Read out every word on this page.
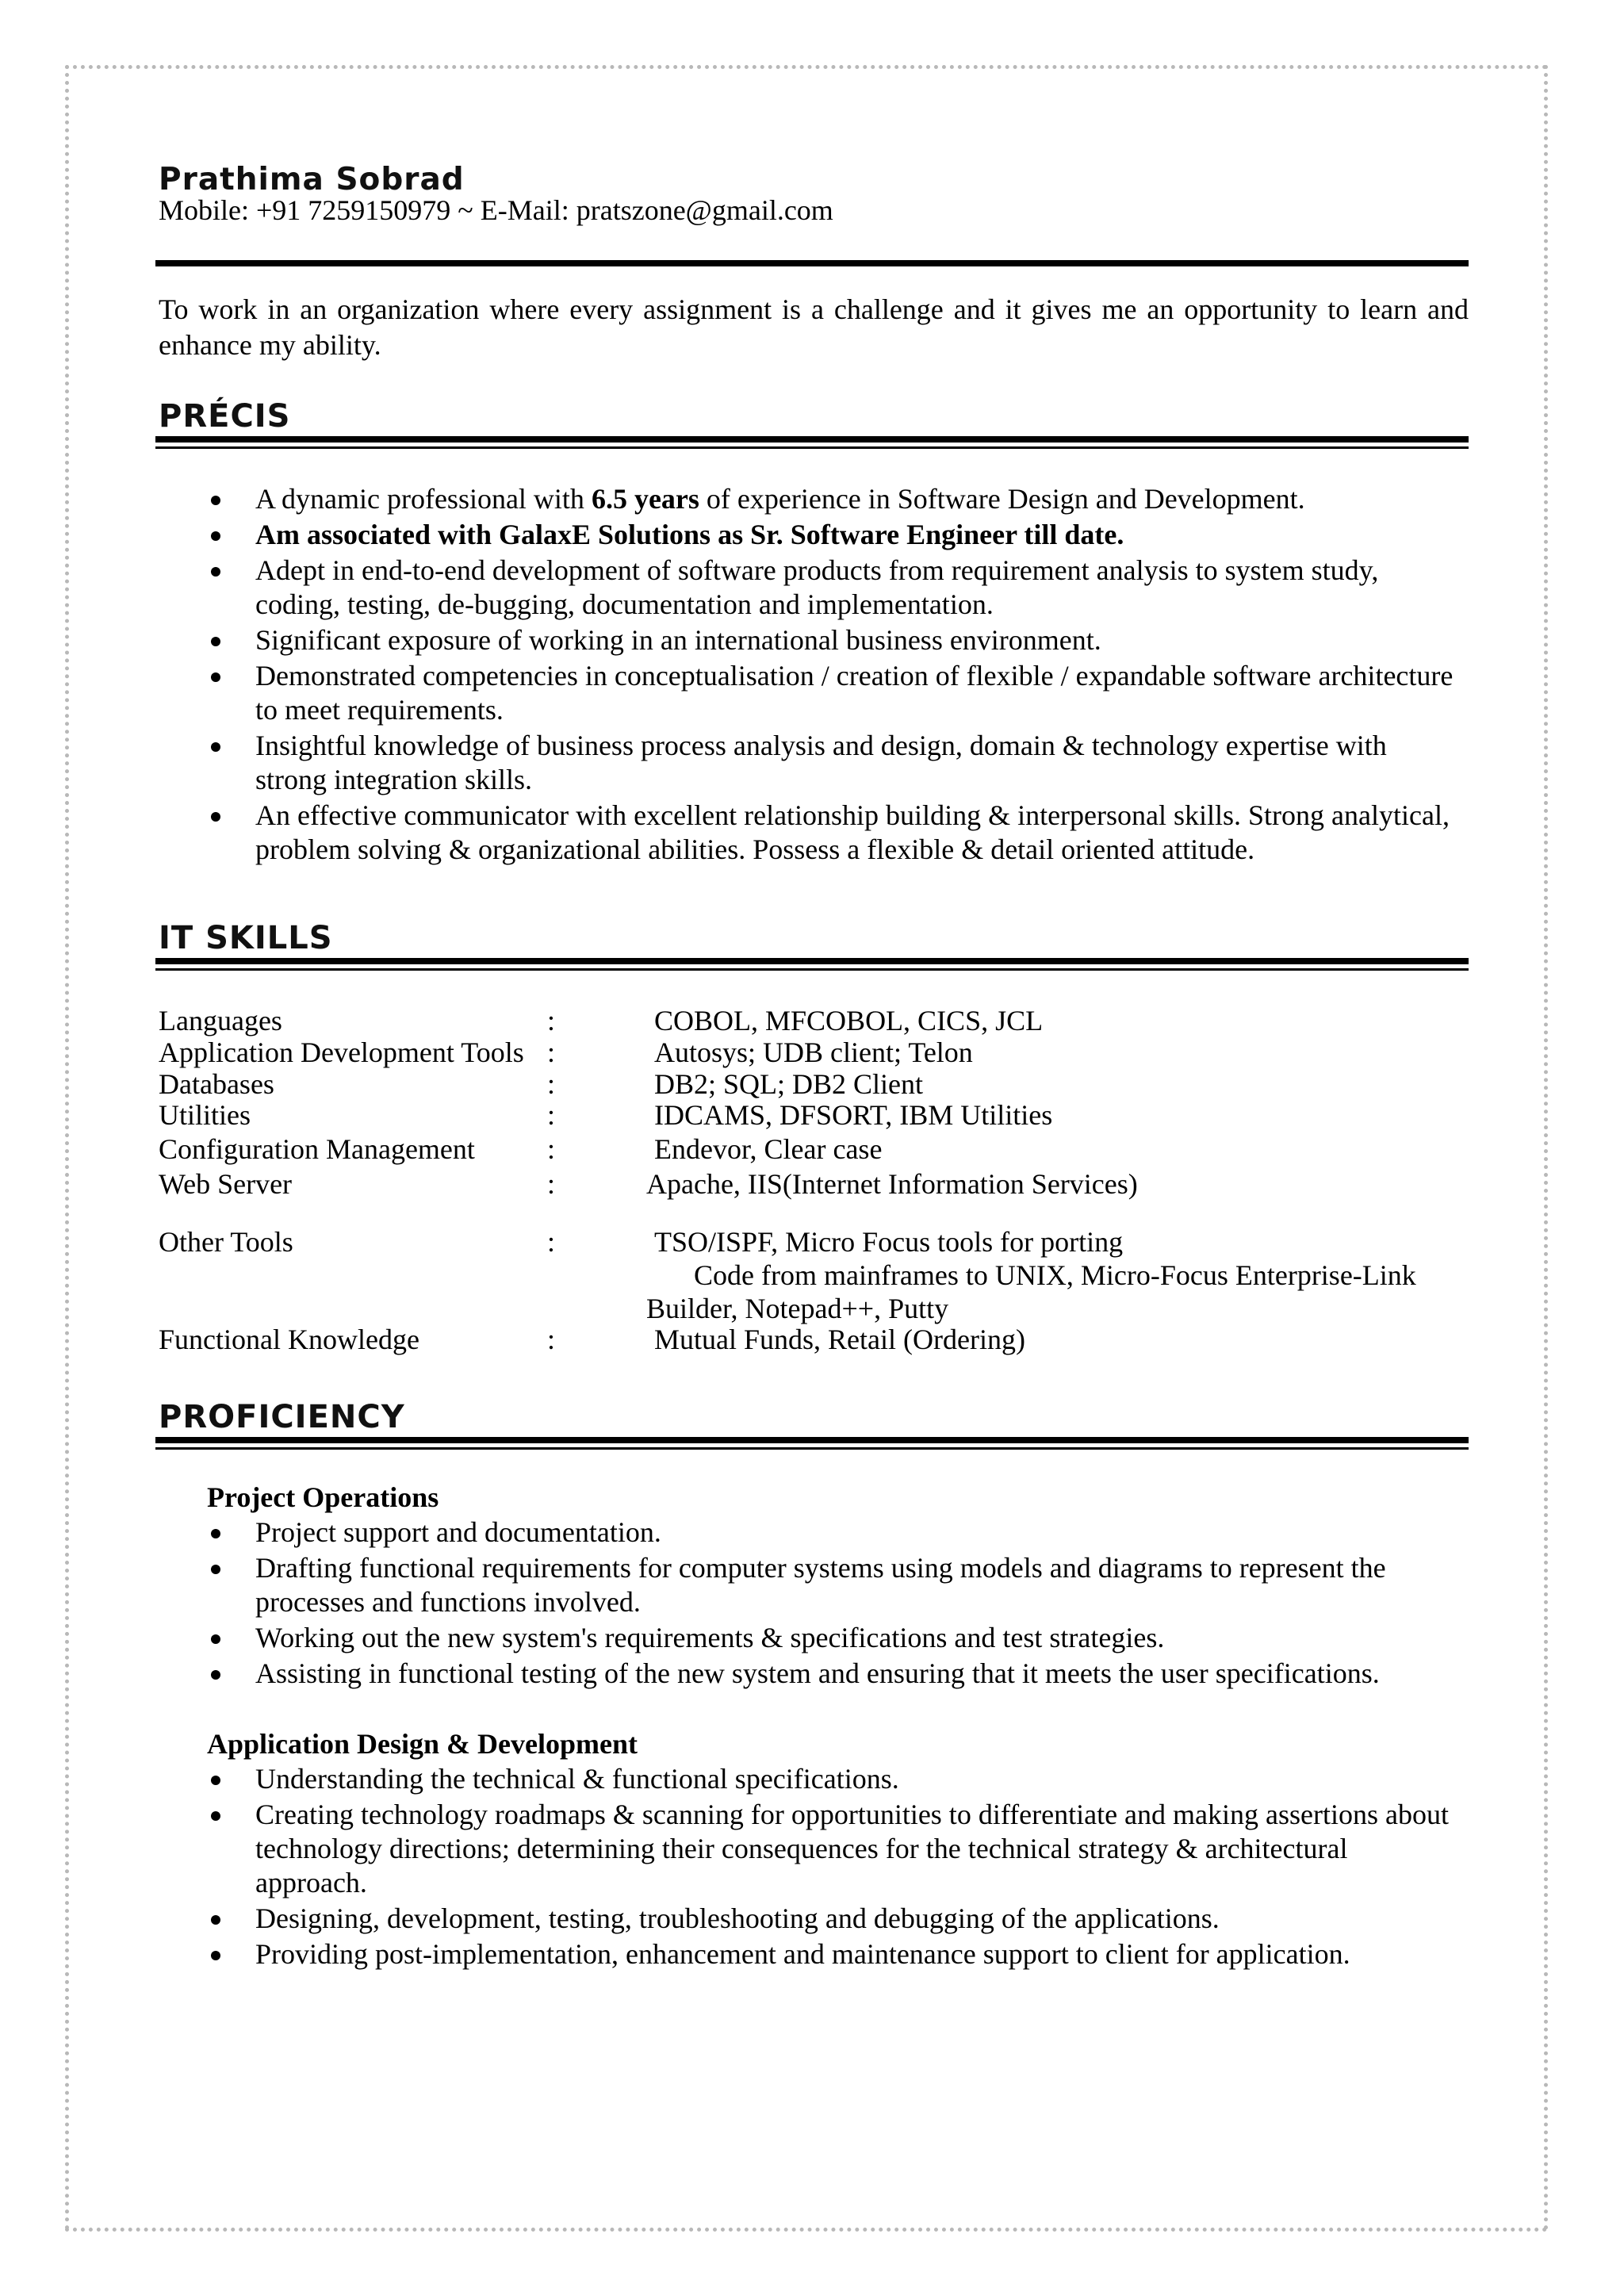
Prathima Sobrad
Mobile: +91 7259150979 ~ E-Mail: pratszone@gmail.com
To work in an organization where every assignment is a challenge and it gives me an opportunity to learn and enhance my ability.
PRÉCIS
A dynamic professional with 6.5 years of experience in Software Design and Development.
Am associated with GalaxE Solutions as Sr. Software Engineer till date.
Adept in end-to-end development of software products from requirement analysis to system study, coding, testing, de-bugging, documentation and implementation.
Significant exposure of working in an international business environment.
Demonstrated competencies in conceptualisation / creation of flexible / expandable software architecture to meet requirements.
Insightful knowledge of business process analysis and design, domain & technology expertise with strong integration skills.
An effective communicator with excellent relationship building & interpersonal skills. Strong analytical, problem solving & organizational abilities. Possess a flexible & detail oriented attitude.
IT SKILLS
Languages	:	COBOL, MFCOBOL, CICS, JCL
Application Development Tools :	Autosys; UDB client; Telon
Databases	:	DB2; SQL; DB2 Client
Utilities	:	IDCAMS, DFSORT, IBM Utilities
Configuration Management	:	Endevor, Clear case
Web Server	:	Apache, IIS(Internet Information Services)
Other Tools	:	TSO/ISPF, Micro Focus tools for porting
Code from mainframes to UNIX, Micro-Focus Enterprise-Link Builder, Notepad++, Putty
Functional Knowledge	:	Mutual Funds, Retail (Ordering)
PROFICIENCY
Project Operations
Project support and documentation.
Drafting functional requirements for computer systems using models and diagrams to represent the processes and functions involved.
Working out the new system's requirements & specifications and test strategies.
Assisting in functional testing of the new system and ensuring that it meets the user specifications.
Application Design & Development
Understanding the technical & functional specifications.
Creating technology roadmaps & scanning for opportunities to differentiate and making assertions about technology directions; determining their consequences for the technical strategy & architectural approach.
Designing, development, testing, troubleshooting and debugging of the applications.
Providing post-implementation, enhancement and maintenance support to client for application.
